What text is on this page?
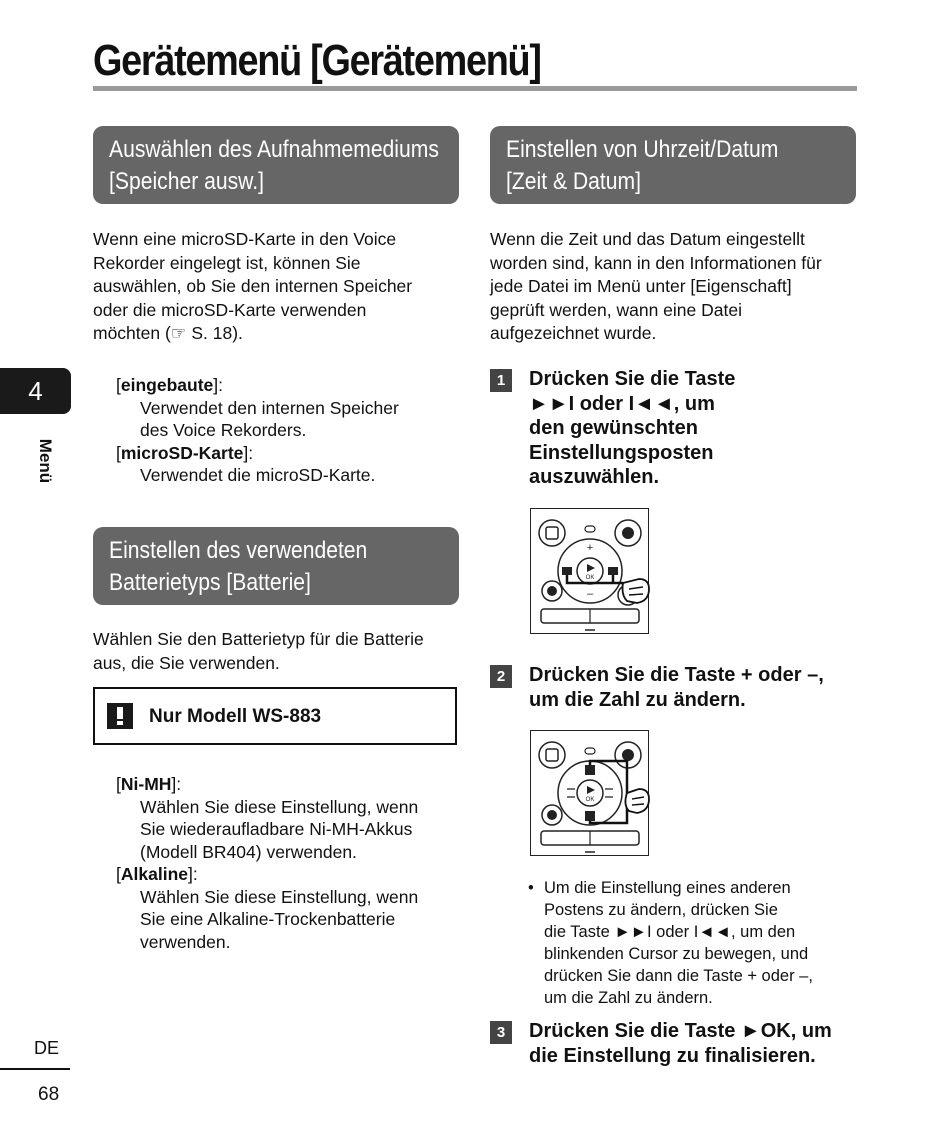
Gerätemenü [Gerätemenü]
4
Menü
Auswählen des Aufnahmemediums
[Speicher ausw.]

Wenn eine microSD-Karte in den Voice
Rekorder eingelegt ist, können Sie
auswählen, ob Sie den internen Speicher
oder die microSD-Karte verwenden
möchten (☞ S. 18).

[eingebaute]:
Verwendet den internen Speicher
des Voice Rekorders.
[microSD-Karte]:
Verwendet die microSD-Karte.
Einstellen des verwendeten
Batterietyps [Batterie]

Wählen Sie den Batterietyp für die Batterie
aus, die Sie verwenden.

Nur Modell WS-883
[Ni-MH]:
Wählen Sie diese Einstellung, wenn
Sie wiederaufladbare Ni-MH-Akkus
(Modell BR404) verwenden.
[Alkaline]:
Wählen Sie diese Einstellung, wenn
Sie eine Alkaline-Trockenbatterie
verwenden.
DE
68
Einstellen von Uhrzeit/Datum
[Zeit & Datum]

Wenn die Zeit und das Datum eingestellt
worden sind, kann in den Informationen für
jede Datei im Menü unter [Eigenschaft]
geprüft werden, wann eine Datei
aufgezeichnet wurde.

1	Drücken Sie die Taste
►►I oder I◄◄, um
den gewünschten
Einstellungsposten
auszuwählen.
OK
+
–
2	Drücken Sie die Taste + oder –,
um die Zahl zu ändern.
OK
• Um die Einstellung eines anderen
Postens zu ändern, drücken Sie
die Taste ►►I oder I◄◄, um den
blinkenden Cursor zu bewegen, und
drücken Sie dann die Taste + oder –,
um die Zahl zu ändern.
3	Drücken Sie die Taste ►OK, um
die Einstellung zu finalisieren.
